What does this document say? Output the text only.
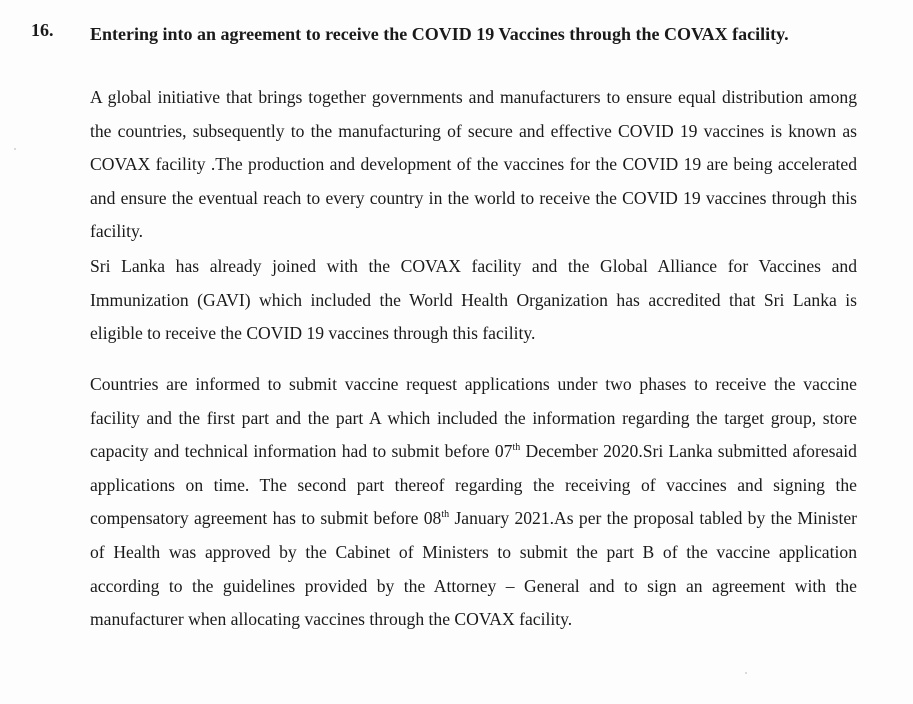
16. Entering into an agreement to receive the COVID 19 Vaccines through the COVAX facility.

A global initiative that brings together governments and manufacturers to ensure equal distribution among the countries, subsequently to the manufacturing of secure and effective COVID 19 vaccines is known as COVAX facility .The production and development of the vaccines for the COVID 19 are being accelerated and ensure the eventual reach to every country in the world to receive the COVID 19 vaccines through this facility.

Sri Lanka has already joined with the COVAX facility and the Global Alliance for Vaccines and Immunization (GAVI) which included the World Health Organization has accredited that Sri Lanka is eligible to receive the COVID 19 vaccines through this facility.

Countries are informed to submit vaccine request applications under two phases to receive the vaccine facility and the first part and the part A which included the information regarding the target group, store capacity and technical information had to submit before 07th December 2020.Sri Lanka submitted aforesaid applications on time. The second part thereof regarding the receiving of vaccines and signing the compensatory agreement has to submit before 08th January 2021.As per the proposal tabled by the Minister of Health was approved by the Cabinet of Ministers to submit the part B of the vaccine application according to the guidelines provided by the Attorney – General and to sign an agreement with the manufacturer when allocating vaccines through the COVAX facility.
